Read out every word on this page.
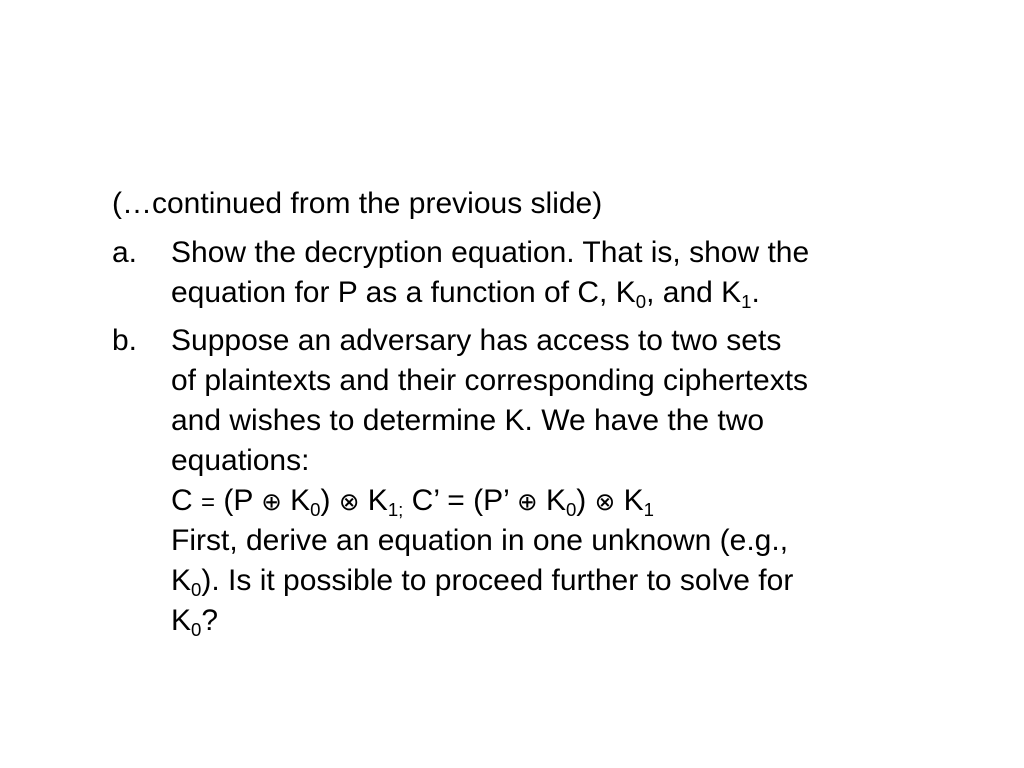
(…continued from the previous slide)
a.	Show the decryption equation. That is, show the
equation for P as a function of C, $K_0$, and $K_1$.
b.	Suppose an adversary has access to two sets
of plaintexts and their corresponding ciphertexts
and wishes to determine K. We have the two
equations:
C = (P ⊕ $K_0$) ⊗ $K_{1;}$ C’ = (P’ ⊕ $K_0$) ⊗ $K_1$
First, derive an equation in one unknown (e.g.,
$K_0$). Is it possible to proceed further to solve for
$K_0$?
